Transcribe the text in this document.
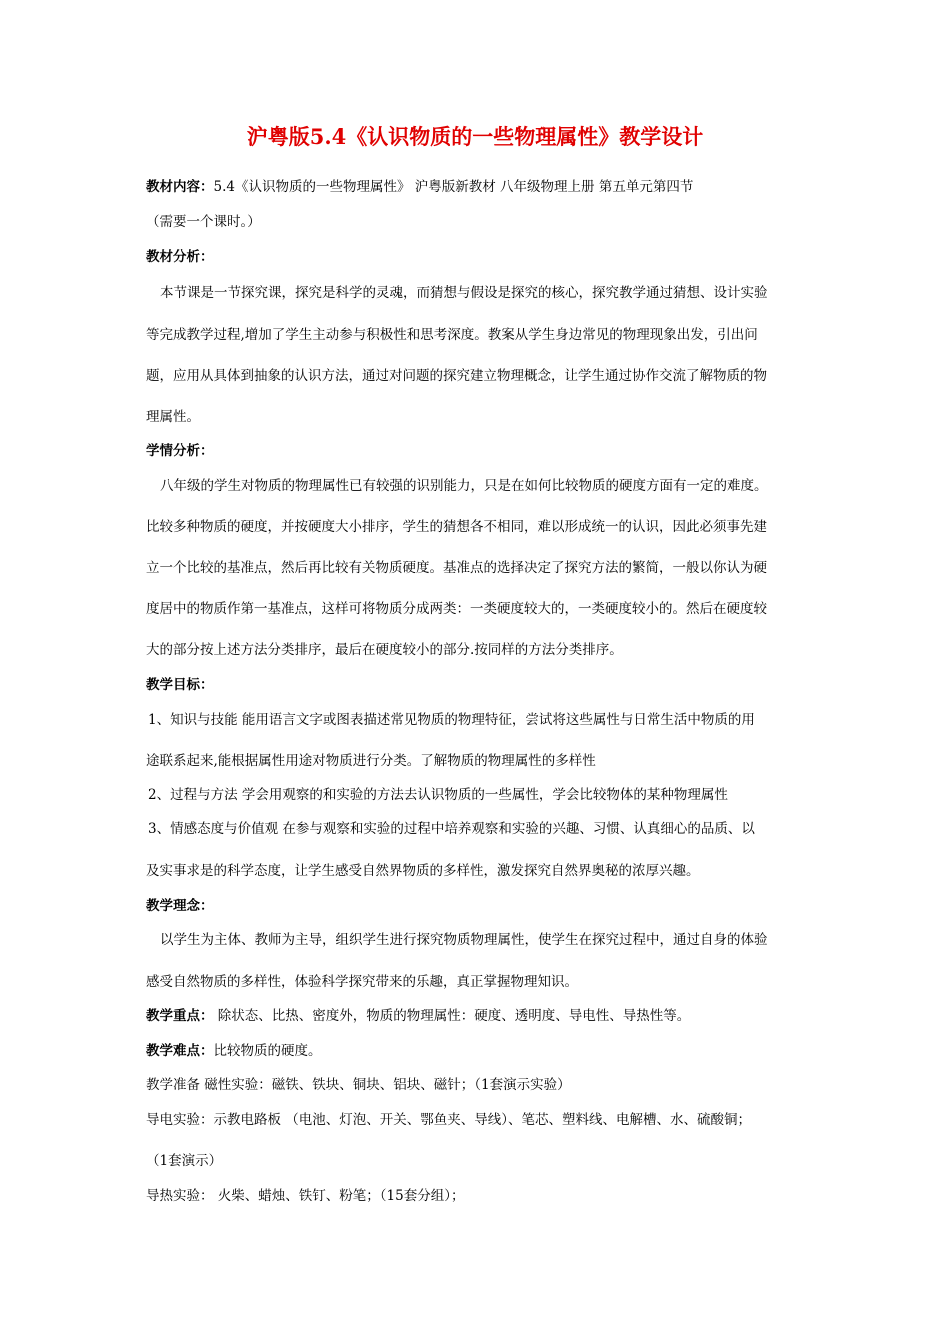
沪粤版5.4《认识物质的一些物理属性》教学设计
教材内容：5.4《认识物质的一些物理属性》 沪粤版新教材 八年级物理上册 第五单元第四节
（需要一个课时。）
教材分析：
本节课是一节探究课，探究是科学的灵魂，而猜想与假设是探究的核心，探究教学通过猜想、设计实验
等完成教学过程,增加了学生主动参与积极性和思考深度。教案从学生身边常见的物理现象出发，引出问
题，应用从具体到抽象的认识方法，通过对问题的探究建立物理概念，让学生通过协作交流了解物质的物
理属性。
学情分析：
八年级的学生对物质的物理属性已有较强的识别能力，只是在如何比较物质的硬度方面有一定的难度。
比较多种物质的硬度，并按硬度大小排序，学生的猜想各不相同，难以形成统一的认识，因此必须事先建
立一个比较的基准点，然后再比较有关物质硬度。基准点的选择决定了探究方法的繁简，一般以你认为硬
度居中的物质作第一基准点，这样可将物质分成两类：一类硬度较大的，一类硬度较小的。然后在硬度较
大的部分按上述方法分类排序，最后在硬度较小的部分.按同样的方法分类排序。
教学目标：
1、知识与技能 能用语言文字或图表描述常见物质的物理特征，尝试将这些属性与日常生活中物质的用
途联系起来,能根据属性用途对物质进行分类。了解物质的物理属性的多样性
2、过程与方法 学会用观察的和实验的方法去认识物质的一些属性，学会比较物体的某种物理属性
3、情感态度与价值观 在参与观察和实验的过程中培养观察和实验的兴趣、习惯、认真细心的品质、以
及实事求是的科学态度，让学生感受自然界物质的多样性，激发探究自然界奥秘的浓厚兴趣。
教学理念：
以学生为主体、教师为主导，组织学生进行探究物质物理属性，使学生在探究过程中，通过自身的体验
感受自然物质的多样性，体验科学探究带来的乐趣，真正掌握物理知识。
教学重点： 除状态、比热、密度外，物质的物理属性：硬度、透明度、导电性、导热性等。
教学难点：比较物质的硬度。
教学准备 磁性实验：磁铁、铁块、铜块、铝块、磁针；（1套演示实验）
导电实验：示教电路板 （电池、灯泡、开关、鄂鱼夹、导线）、笔芯、塑料线、电解槽、水、硫酸铜；
（1套演示）
导热实验： 火柴、蜡烛、铁钉、粉笔；（15套分组）；
